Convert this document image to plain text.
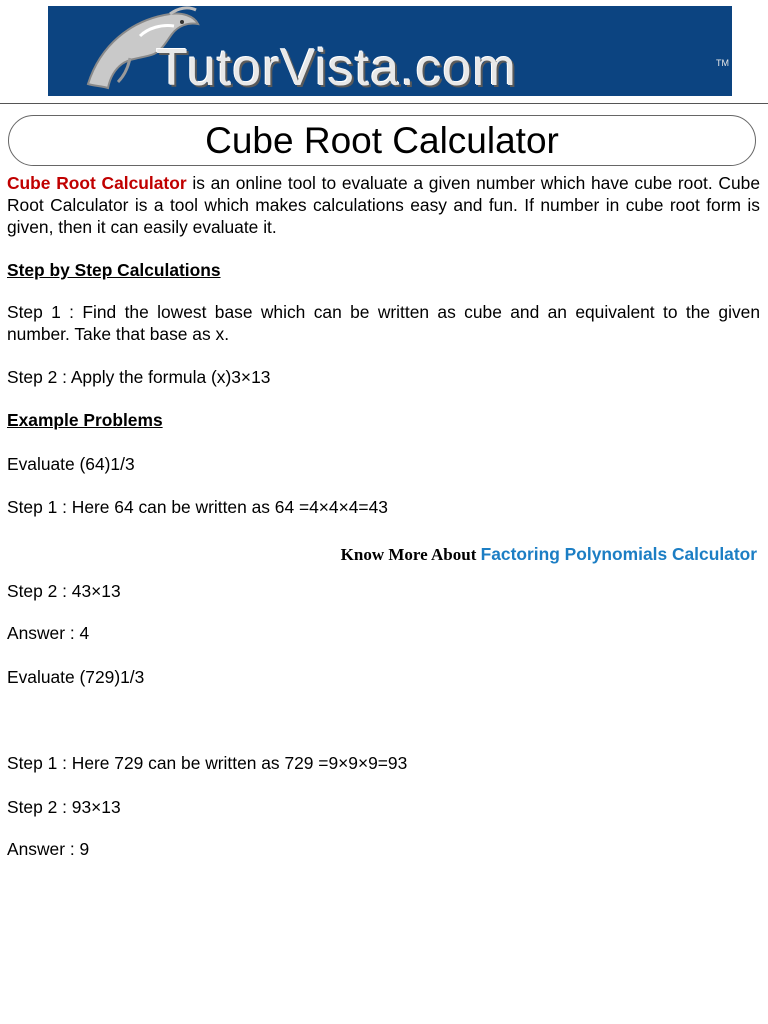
TutorVista.com	TM
Cube Root Calculator

Cube Root Calculator is an online tool to evaluate a given number which have cube root. Cube Root Calculator is a tool which makes calculations easy and fun. If number in cube root form is given, then it can easily evaluate it.

Step by Step Calculations

Step 1 : Find the lowest base which can be written as cube and an equivalent to the given number. Take that base as x.

Step 2 : Apply the formula (x)3×13

Example Problems

Evaluate (64)1/3

Step 1 : Here 64 can be written as 64 =4×4×4=43

Know More About Factoring Polynomials Calculator

Step 2 : 43×13

Answer : 4

Evaluate (729)1/3

Step 1 : Here 729 can be written as 729 =9×9×9=93

Step 2 : 93×13

Answer : 9
